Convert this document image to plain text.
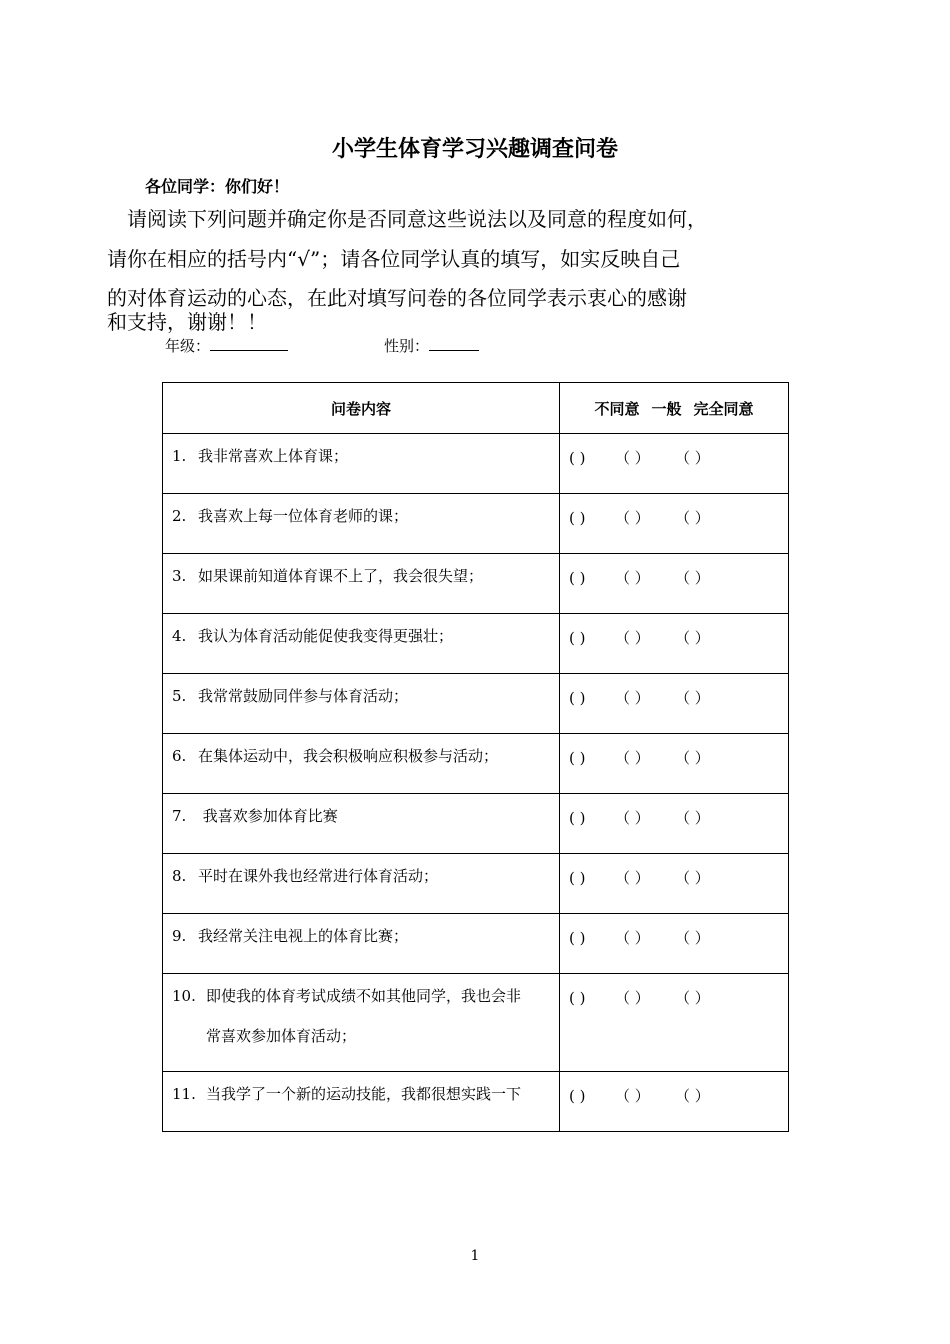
小学生体育学习兴趣调查问卷
各位同学：你们好！
请阅读下列问题并确定你是否同意这些说法以及同意的程度如何，
请你在相应的括号内“√”；请各位同学认真的填写，如实反映自己
的对体育运动的心态，在此对填写问卷的各位同学表示衷心的感谢
和支持，谢谢！！
年级：	性别：
问卷内容	不同意 一般 完全同意
1. 我非常喜欢上体育课；	( ) （ ） （ ）
2. 我喜欢上每一位体育老师的课；	( ) （ ） （ ）
3. 如果课前知道体育课不上了，我会很失望；	( ) （ ） （ ）
4. 我认为体育活动能促使我变得更强壮；	( ) （ ） （ ）
5. 我常常鼓励同伴参与体育活动；	( ) （ ） （ ）
6. 在集体运动中，我会积极响应积极参与活动；	( ) （ ） （ ）
7. 我喜欢参加体育比赛	( ) （ ） （ ）
8. 平时在课外我也经常进行体育活动；	( ) （ ） （ ）
9. 我经常关注电视上的体育比赛；	( ) （ ） （ ）
10. 即使我的体育考试成绩不如其他同学，我也会非
常喜欢参加体育活动；	( ) （ ） （ ）
11. 当我学了一个新的运动技能，我都很想实践一下	( ) （ ） （ ）
1
